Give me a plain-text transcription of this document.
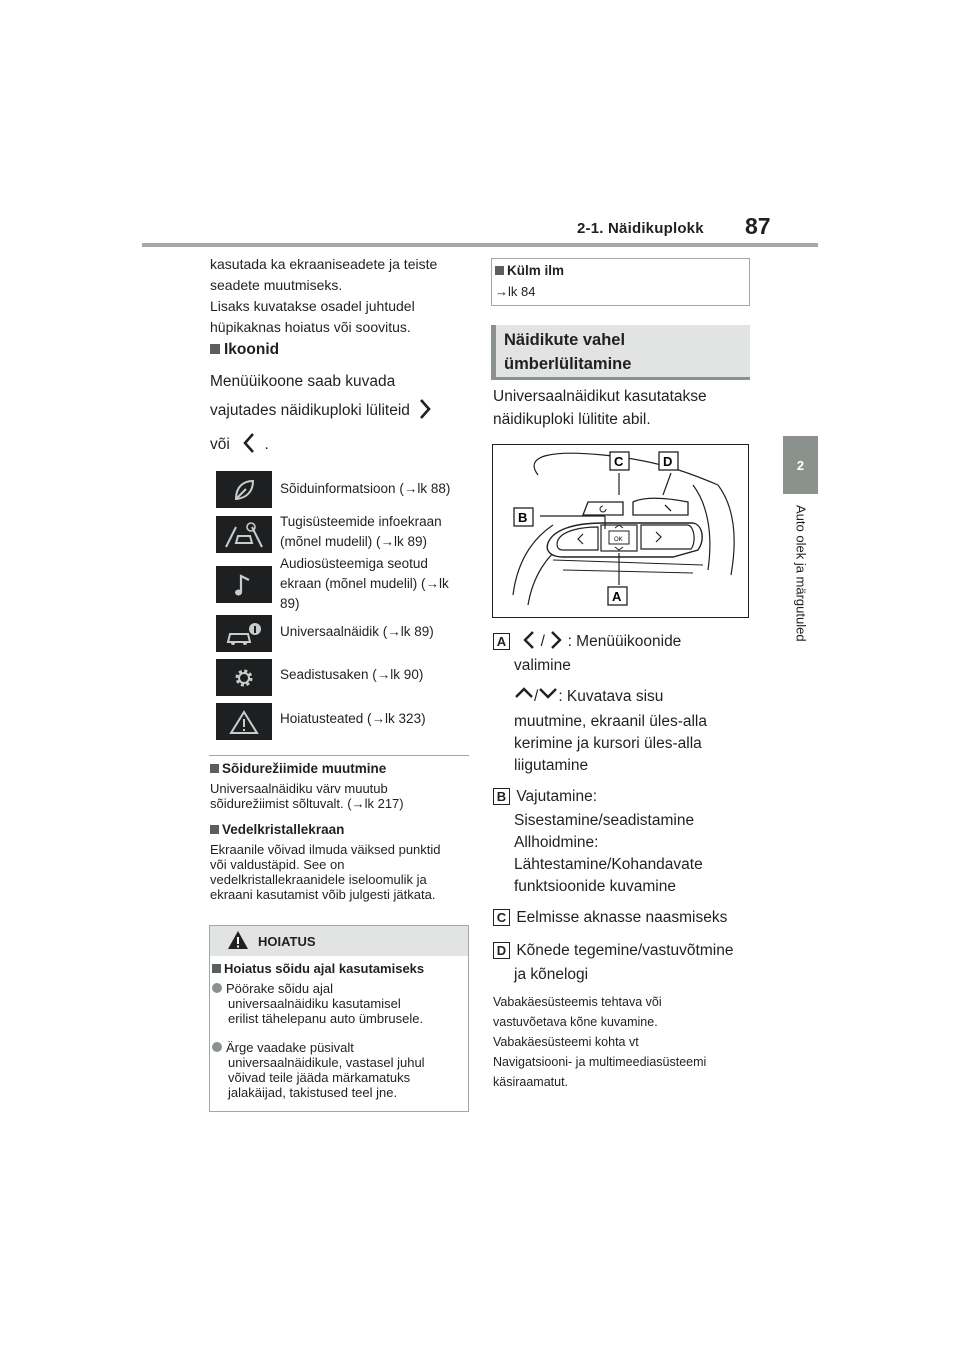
2-1. Näidikuplokk 87
2
Auto olek ja märgutuled
kasutada ka ekraaniseadete ja teiste
seadete muutmiseks.
Lisaks kuvatakse osadel juhtudel
hüpikaknas hoiatus või soovitus.
Ikoonid
Menüüikoone saab kuvada
vajutades näidikuploki lüliteid
või .
Sõiduinformatsioon (→lk 88)
Tugisüsteemide infoekraan
(mõnel mudelil) (→lk 89)
Audiosüsteemiga seotud
ekraan (mõnel mudelil) (→lk
89)
Universaalnäidik (→lk 89)
Seadistusaken (→lk 90)
Hoiatusteated (→lk 323)
Sõidurežiimide muutmine
Universaalnäidiku värv muutub
sõidurežiimist sõltuvalt. (→lk 217)
Vedelkristallekraan
Ekraanile võivad ilmuda väiksed punktid
või valdustäpid. See on
vedelkristallekraanidele iseloomulik ja
ekraani kasutamist võib julgesti jätkata.
HOIATUS
Hoiatus sõidu ajal kasutamiseks
Pöörake sõidu ajal
universaalnäidiku kasutamisel
erilist tähelepanu auto ümbrusele.
Ärge vaadake püsivalt
universaalnäidikule, vastasel juhul
võivad teile jääda märkamatuks
jalakäijad, takistused teel jne.
Külm ilm
→lk 84
Näidikute vahel
ümberlülitamine
Universaalnäidikut kasutatakse
näidikuploki lülitite abil.
OK
C	D
B
A
A / : Menüüikoonide
valimine
/ : Kuvatava sisu
muutmine, ekraanil üles-alla
kerimine ja kursori üles-alla
liigutamine
B Vajutamine:
Sisestamine/seadistamine
Allhoidmine:
Lähtestamine/Kohandavate
funktsioonide kuvamine
C Eelmisse aknasse naasmiseks
D Kõnede tegemine/vastuvõtmine
ja kõnelogi
Vabakäesüsteemis tehtava või
vastuvõetava kõne kuvamine.
Vabakäesüsteemi kohta vt
Navigatsiooni- ja multimeediasüsteemi
käsiraamatut.
